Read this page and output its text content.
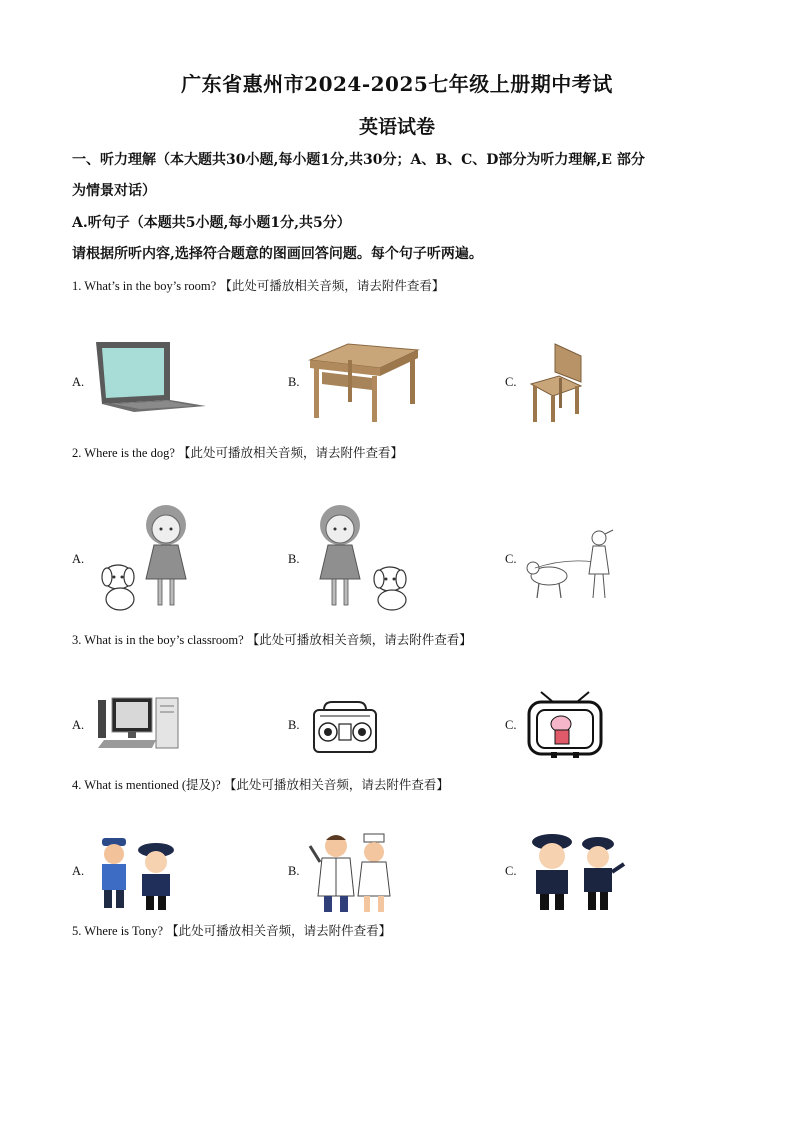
广东省惠州市2024-2025七年级上册期中考试
英语试卷
一、听力理解（本大题共30小题,每小题1分,共30分；A、B、C、D部分为听力理解,E 部分
为情景对话）
A.听句子（本题共5小题,每小题1分,共5分）
请根据所听内容,选择符合题意的图画回答问题。每个句子听两遍。
1. What’s in the boy’s room? 【此处可播放相关音频，请去附件查看】
A.	B.	C.
2. Where is the dog? 【此处可播放相关音频，请去附件查看】
A.	B.	C.
3. What is in the boy’s classroom? 【此处可播放相关音频，请去附件查看】
A.	B.	C.
4. What is mentioned (提及)? 【此处可播放相关音频，请去附件查看】
A.	B.	C.
5. Where is Tony? 【此处可播放相关音频，请去附件查看】
